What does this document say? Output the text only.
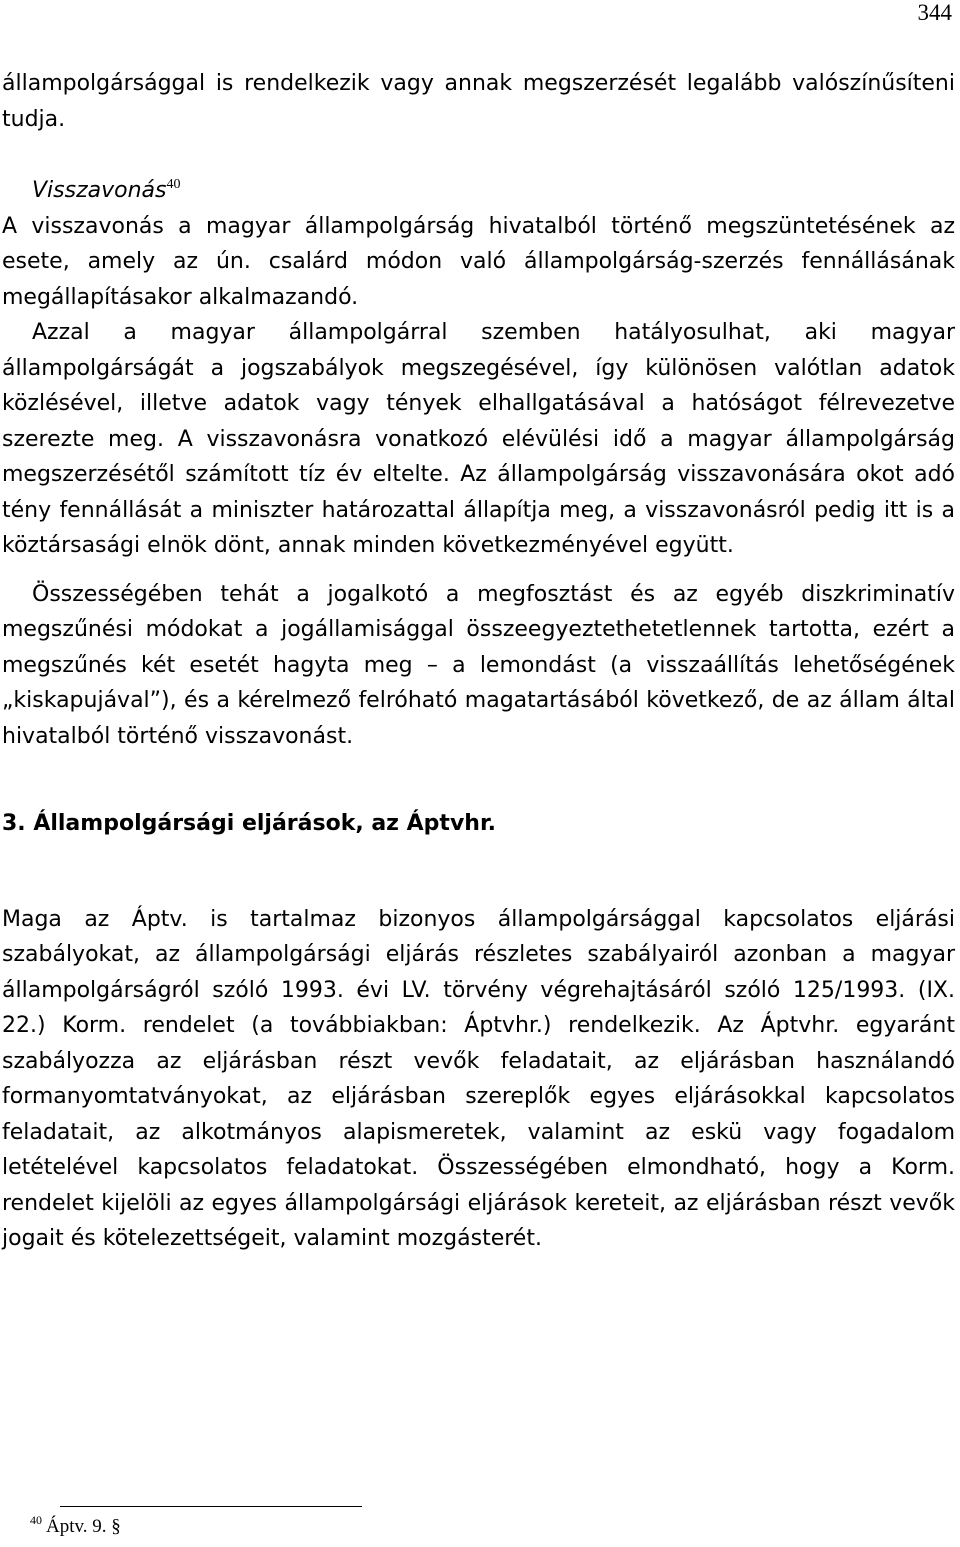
344

állampolgársággal is rendelkezik vagy annak megszerzését legalább valószínűsíteni tudja.

Visszavonás$^{40}$

A visszavonás a magyar állampolgárság hivatalból történő megszüntetésének az esete, amely az ún. csalárd módon való állampolgárság-szerzés fennállásának megállapításakor alkalmazandó.

Azzal a magyar állampolgárral szemben hatályosulhat, aki magyar állampolgárságát a jogszabályok megszegésével, így különösen valótlan adatok közlésével, illetve adatok vagy tények elhallgatásával a hatóságot félrevezetve szerezte meg. A visszavonásra vonatkozó elévülési idő a magyar állampolgárság megszerzésétől számított tíz év eltelte. Az állampolgárság visszavonására okot adó tény fennállását a miniszter határozattal állapítja meg, a visszavonásról pedig itt is a köztársasági elnök dönt, annak minden következményével együtt.

Összességében tehát a jogalkotó a megfosztást és az egyéb diszkriminatív megszűnési módokat a jogállamisággal összeegyeztethetetlennek tartotta, ezért a megszűnés két esetét hagyta meg – a lemondást (a visszaállítás lehetőségének „kiskapujával”), és a kérelmező felróható magatartásából következő, de az állam által hivatalból történő visszavonást.

3. Állampolgársági eljárások, az Áptvhr.

Maga az Áptv. is tartalmaz bizonyos állampolgársággal kapcsolatos eljárási szabályokat, az állampolgársági eljárás részletes szabályairól azonban a magyar állampolgárságról szóló 1993. évi LV. törvény végrehajtásáról szóló 125/1993. (IX. 22.) Korm. rendelet (a továbbiakban: Áptvhr.) rendelkezik. Az Áptvhr. egyaránt szabályozza az eljárásban részt vevők feladatait, az eljárásban használandó formanyomtatványokat, az eljárásban szereplők egyes eljárásokkal kapcsolatos feladatait, az alkotmányos alapismeretek, valamint az eskü vagy fogadalom letételével kapcsolatos feladatokat. Összességében elmondható, hogy a Korm. rendelet kijelöli az egyes állampolgársági eljárások kereteit, az eljárásban részt vevők jogait és kötelezettségeit, valamint mozgásterét.

$^{40}$ Áptv. 9. §
